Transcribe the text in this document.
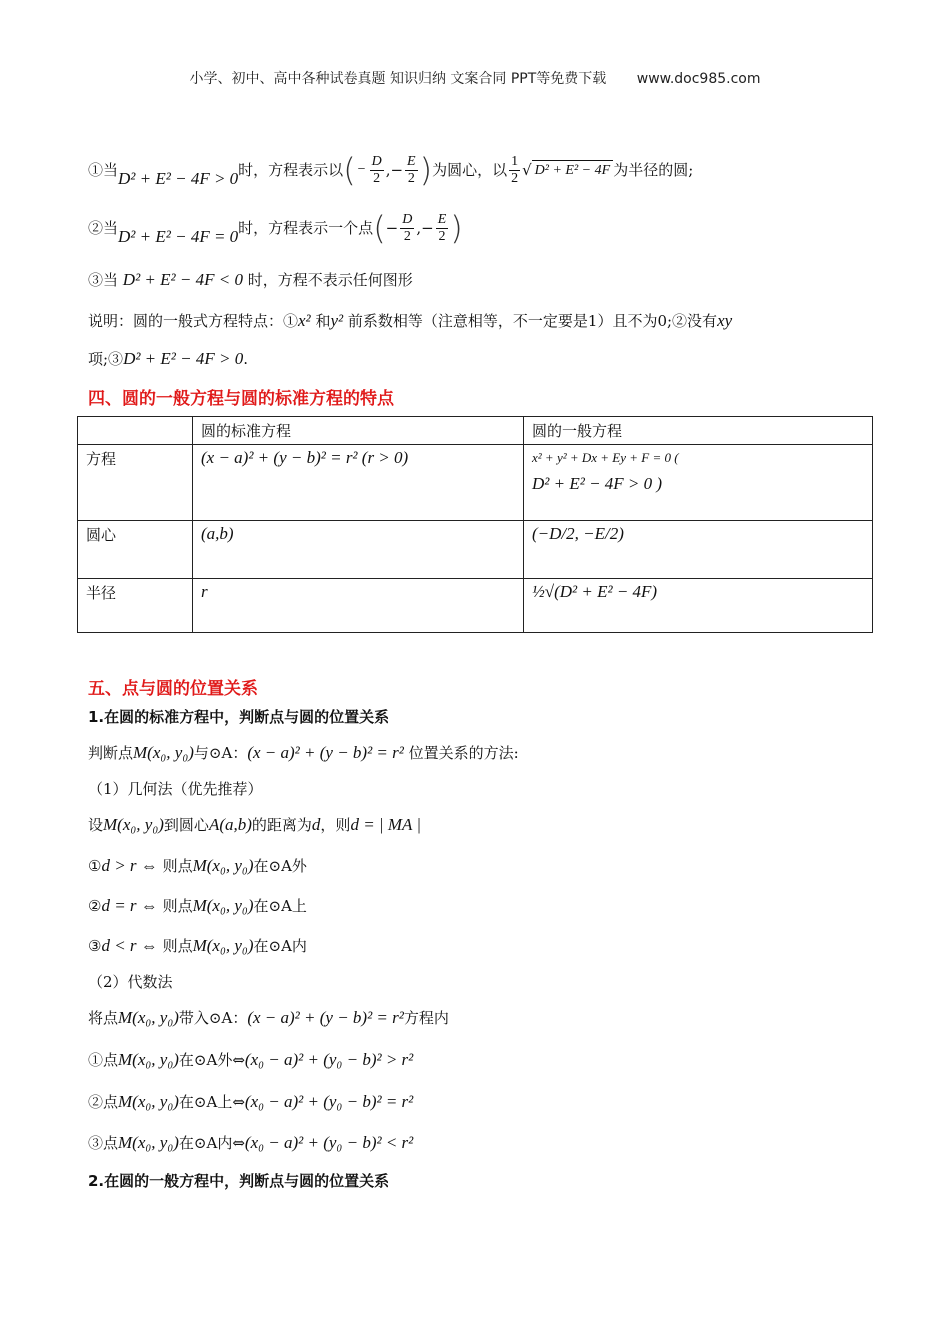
小学、初中、高中各种试卷真题 知识归纳 文案合同 PPT等免费下载 www.doc985.com
①当 D² + E² − 4F > 0 时，方程表示以 ( − $\frac{D}{2}$ ,− $\frac{E}{2}$ ) 为圆心，以 $\frac{1}{2}$ √ D² + E² − 4F 为半径的圆;
②当 D² + E² − 4F = 0 时，方程表示一个点 ( − $\frac{D}{2}$ ,− $\frac{E}{2}$ )
③当 D² + E² − 4F < 0 时，方程不表示任何图形
说明：圆的一般式方程特点：①x² 和y² 前系数相等（注意相等，不一定要是1）且不为0;②没有xy
项;③D² + E² − 4F > 0.
四、圆的一般方程与圆的标准方程的特点
	圆的标准方程	圆的一般方程
方程	(x − a)² + (y − b)² = r² (r > 0)	x² + y² + Dx + Ey + F = 0 (
D² + E² − 4F > 0 )
圆心	(a,b)	(−D/2, −E/2)
半径	r	½√(D² + E² − 4F)
五、点与圆的位置关系
1.在圆的标准方程中，判断点与圆的位置关系
判断点M(x₀, y₀)与⊙A：(x − a)² + (y − b)² = r² 位置关系的方法:
（1）几何法（优先推荐）
设M(x₀, y₀)到圆心A(a,b)的距离为d，则d = | MA |
①d > r ⇔ 则点M(x₀, y₀)在⊙A外
②d = r ⇔ 则点M(x₀, y₀)在⊙A上
③d < r ⇔ 则点M(x₀, y₀)在⊙A内
（2）代数法
将点M(x₀, y₀)带入⊙A：(x − a)² + (y − b)² = r²方程内
①点M(x₀, y₀)在⊙A外⇔(x₀ − a)² + (y₀ − b)² > r²
②点M(x₀, y₀)在⊙A上⇔(x₀ − a)² + (y₀ − b)² = r²
③点M(x₀, y₀)在⊙A内⇔(x₀ − a)² + (y₀ − b)² < r²
2.在圆的一般方程中，判断点与圆的位置关系
